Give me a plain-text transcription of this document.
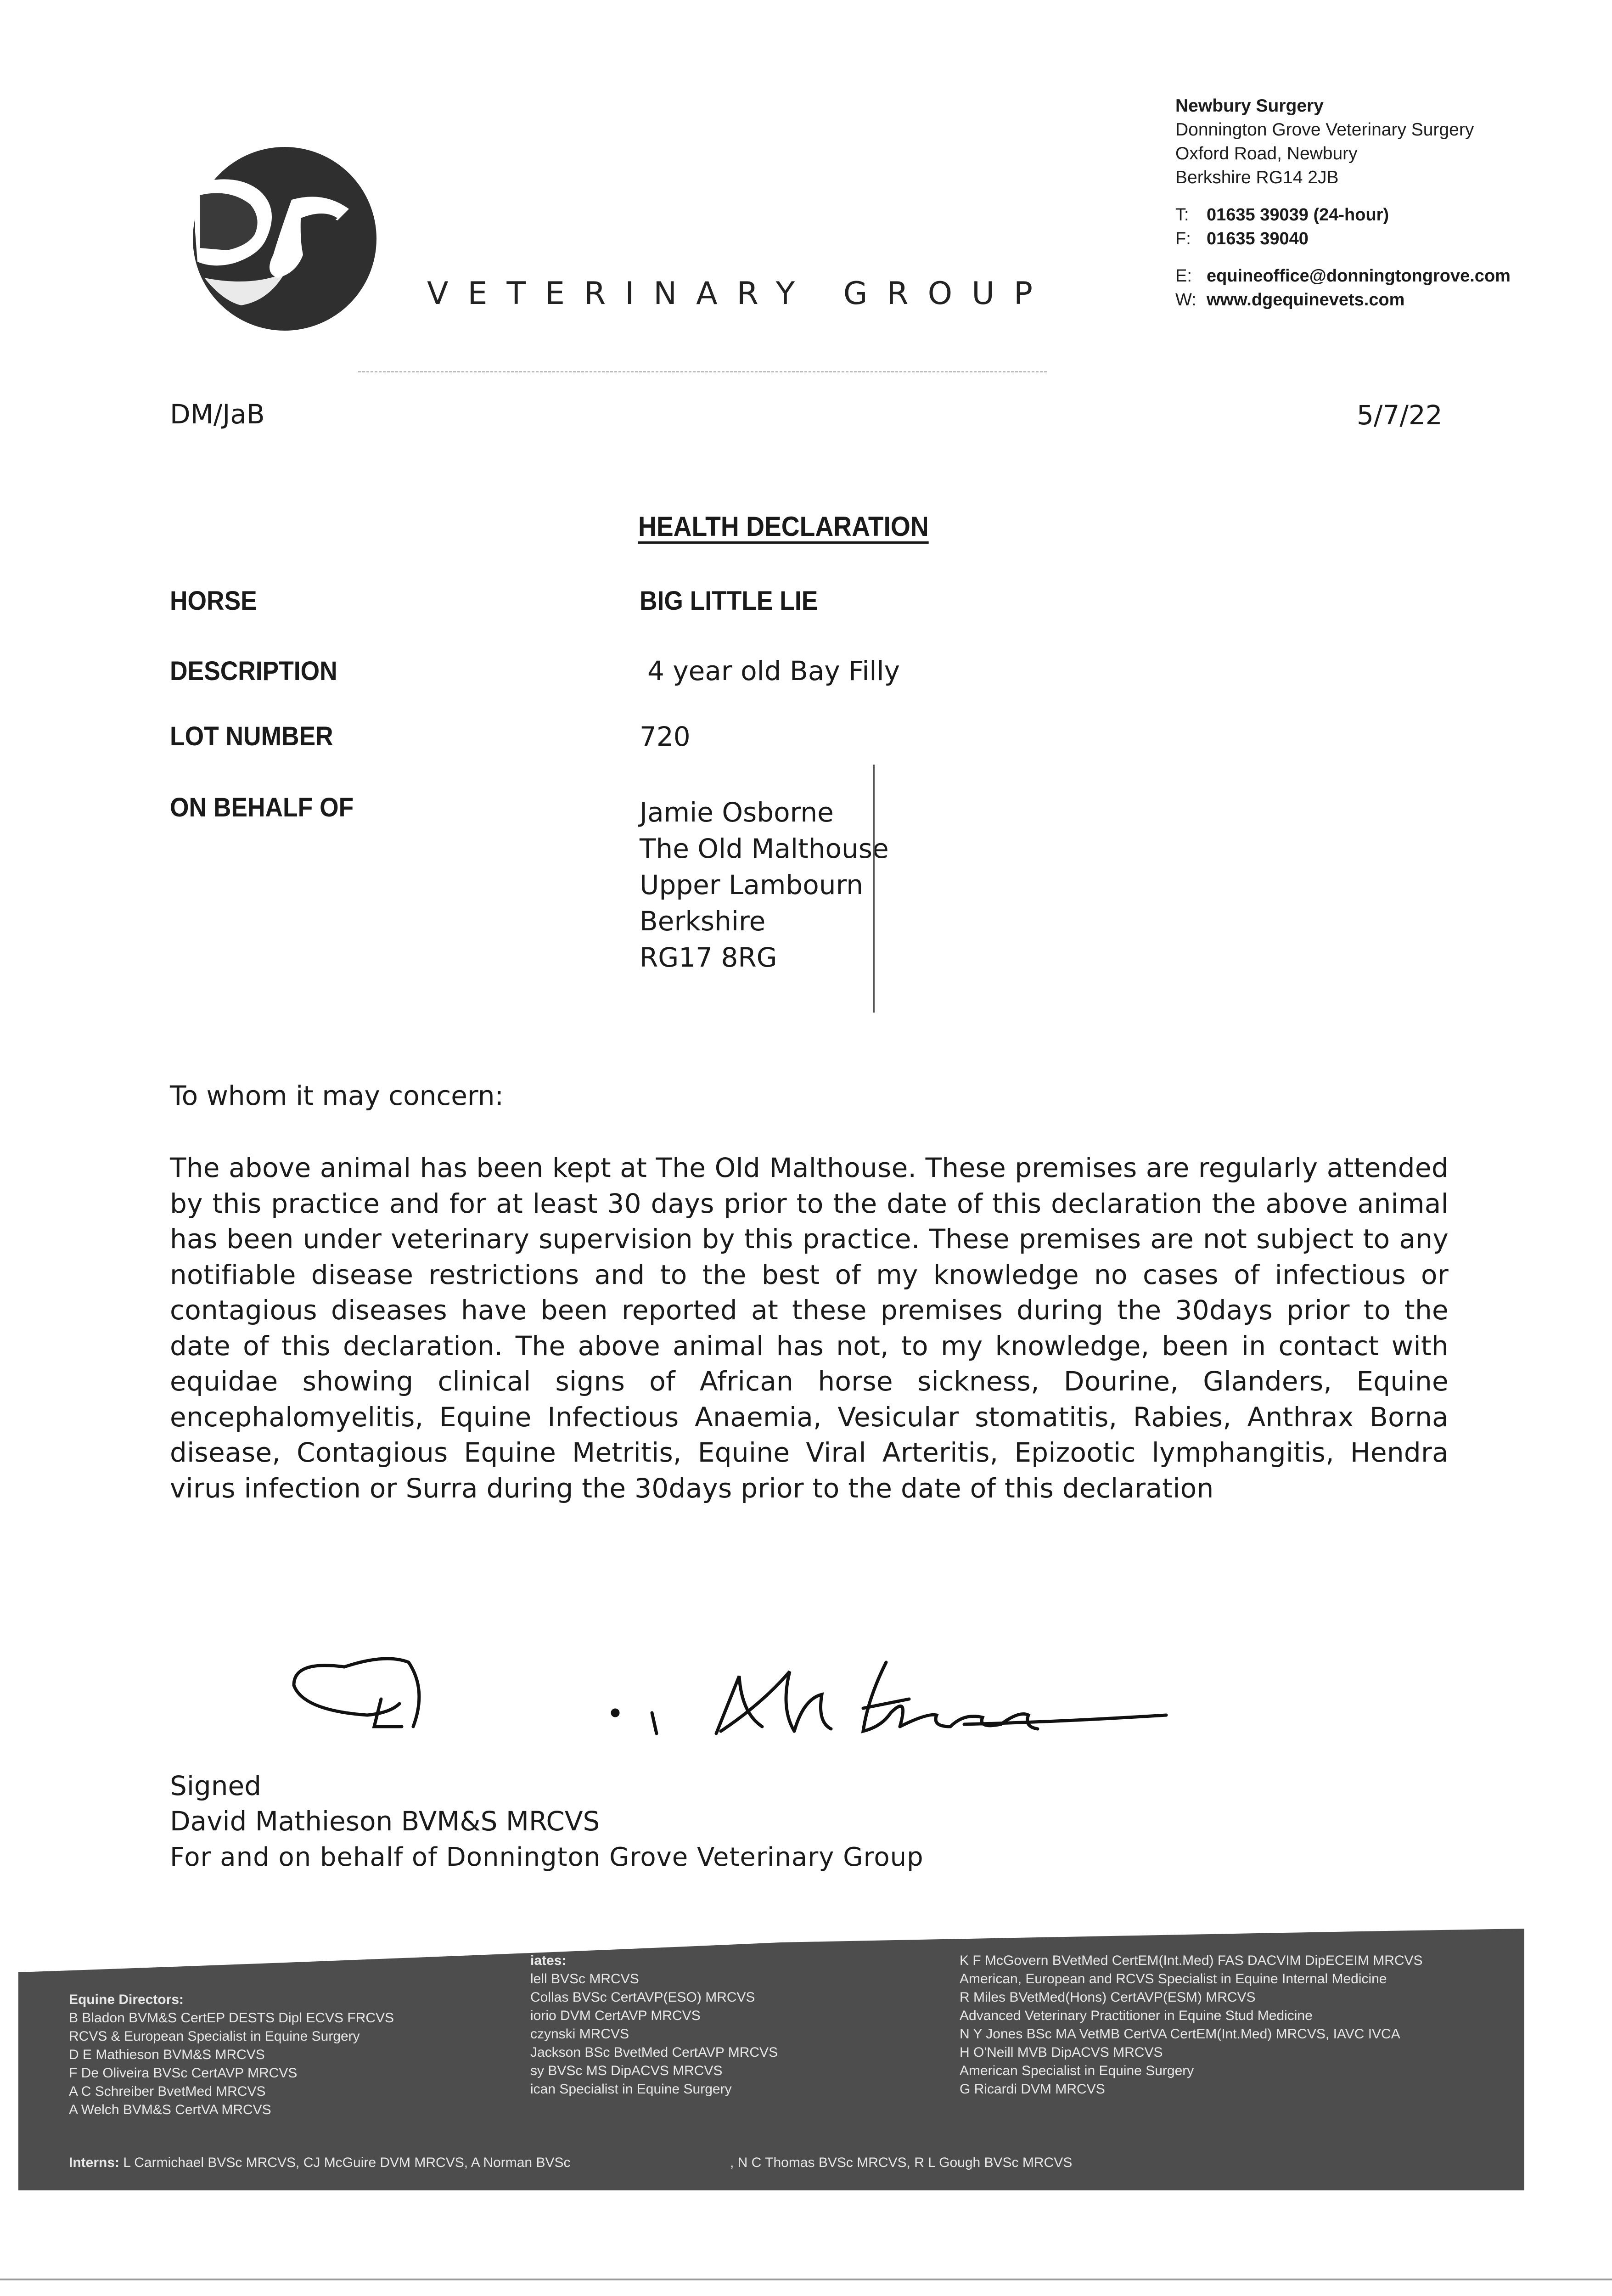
VETERINARY GROUP
Newbury Surgery
Donnington Grove Veterinary Surgery
Oxford Road, Newbury
Berkshire RG14 2JB
T:	01635 39039 (24-hour)
F: 01635 39040
E: equineoffice@donningtongrove.com
W: www.dgequinevets.com
DM/JaB	5/7/22
HEALTH DECLARATION
HORSE	BIG LITTLE LIE
DESCRIPTION	4 year old Bay Filly
LOT NUMBER	720
ON BEHALF OF	Jamie Osborne
The Old Malthouse
Upper Lambourn
Berkshire
RG17 8RG
To whom it may concern:
The above animal has been kept at The Old Malthouse. These premises are regularly attended by this practice and for at least 30 days prior to the date of this declaration the above animal has been under veterinary supervision by this practice. These premises are not subject to any notifiable disease restrictions and to the best of my knowledge no cases of infectious or contagious diseases have been reported at these premises during the 30days prior to the date of this declaration. The above animal has not, to my knowledge, been in contact with equidae showing clinical signs of African horse sickness, Dourine, Glanders, Equine encephalomyelitis, Equine Infectious Anaemia, Vesicular stomatitis, Rabies, Anthrax Borna disease, Contagious Equine Metritis, Equine Viral Arteritis, Epizootic lymphangitis, Hendra virus infection or Surra during the 30days prior to the date of this declaration
Signed
David Mathieson BVM&S MRCVS
For and on behalf of Donnington Grove Veterinary Group
Equine Directors:
B Bladon BVM&S CertEP DESTS Dipl ECVS FRCVS
RCVS & European Specialist in Equine Surgery
D E Mathieson BVM&S MRCVS
F De Oliveira BVSc CertAVP MRCVS
A C Schreiber BvetMed MRCVS
A Welch BVM&S CertVA MRCVS
iates:
lell BVSc MRCVS
Collas BVSc CertAVP(ESO) MRCVS
iorio DVM CertAVP MRCVS
czynski MRCVS
Jackson BSc BvetMed CertAVP MRCVS
sy BVSc MS DipACVS MRCVS
ican Specialist in Equine Surgery
K F McGovern BVetMed CertEM(Int.Med) FAS DACVIM DipECEIM MRCVS
American, European and RCVS Specialist in Equine Internal Medicine
R Miles BVetMed(Hons) CertAVP(ESM) MRCVS
Advanced Veterinary Practitioner in Equine Stud Medicine
N Y Jones BSc MA VetMB CertVA CertEM(Int.Med) MRCVS, IAVC IVCA
H O'Neill MVB DipACVS MRCVS
American Specialist in Equine Surgery
G Ricardi DVM MRCVS
Interns: L Carmichael BVSc MRCVS, CJ McGuire DVM MRCVS, A Norman BVSc	, N C Thomas BVSc MRCVS, R L Gough BVSc MRCVS
